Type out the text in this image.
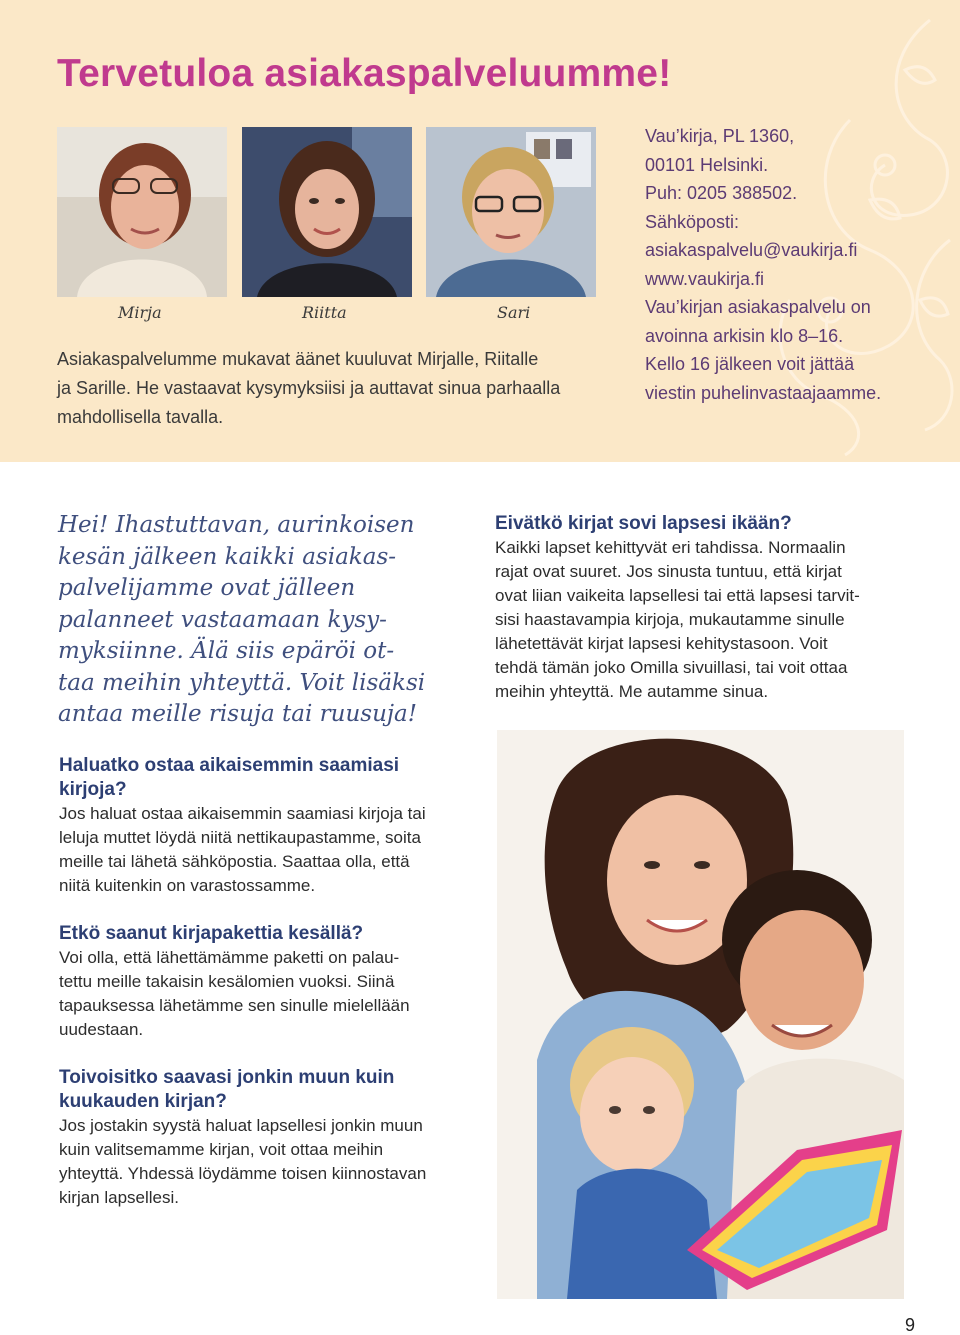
Tervetuloa asiakaspalveluumme!
Mirja	Riitta	Sari
Asiakaspalvelumme mukavat äänet kuuluvat Mirjalle, Riitalle
ja Sarille. He vastaavat kysymyksiisi ja auttavat sinua parhaalla
mahdollisella tavalla.
Vau’kirja, PL 1360,
00101 Helsinki.
Puh: 0205 388502.
Sähköposti:
asiakaspalvelu@vaukirja.fi
www.vaukirja.fi
Vau’kirjan asiakaspalvelu on
avoinna arkisin klo 8–16.
Kello 16 jälkeen voit jättää
viestin puhelinvastaajaamme.
Hei! Ihastuttavan, aurinkoisen
kesän jälkeen kaikki asiakas-
palvelijamme ovat jälleen
palanneet vastaamaan kysy-
myksiinne. Älä siis epäröi ot-
taa meihin yhteyttä. Voit lisäksi
antaa meille risuja tai ruusuja!
Eivätkö kirjat sovi lapsesi ikään?

Kaikki lapset kehittyvät eri tahdissa. Normaalin

rajat ovat suuret. Jos sinusta tuntuu, että kirjat

ovat liian vaikeita lapsellesi tai että lapsesi tarvit-

sisi haastavampia kirjoja, mukautamme sinulle

lähetettävät kirjat lapsesi kehitystasoon. Voit

tehdä tämän joko Omilla sivuillasi, tai voit ottaa

meihin yhteyttä. Me autamme sinua.

Haluatko ostaa aikaisemmin saamiasi
kirjoja?

Jos haluat ostaa aikaisemmin saamiasi kirjoja tai

leluja muttet löydä niitä nettikaupastamme, soita

meille tai lähetä sähköpostia. Saattaa olla, että

niitä kuitenkin on varastossamme.

Etkö saanut kirjapakettia kesällä?

Voi olla, että lähettämämme paketti on palau-

tettu meille takaisin kesälomien vuoksi. Siinä

tapauksessa lähetämme sen sinulle mielellään

uudestaan.

Toivoisitko saavasi jonkin muun kuin
kuukauden kirjan?

Jos jostakin syystä haluat lapsellesi jonkin muun

kuin valitsemamme kirjan, voit ottaa meihin

yhteyttä. Yhdessä löydämme toisen kiinnostavan

kirjan lapsellesi.

9
